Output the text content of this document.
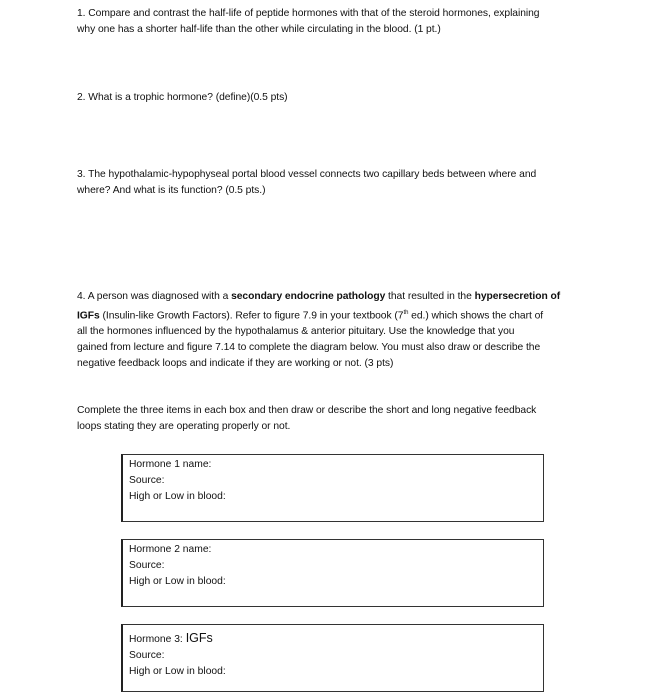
1. Compare and contrast the half-life of peptide hormones with that of the steroid hormones, explaining
why one has a shorter half-life than the other while circulating in the blood. (1 pt.)
2. What is a trophic hormone? (define)(0.5 pts)
3. The hypothalamic-hypophyseal portal blood vessel connects two capillary beds between where and
where? And what is its function? (0.5 pts.)
4. A person was diagnosed with a secondary endocrine pathology that resulted in the hypersecretion of
IGFs (Insulin-like Growth Factors). Refer to figure 7.9 in your textbook (7th ed.) which shows the chart of
all the hormones influenced by the hypothalamus & anterior pituitary. Use the knowledge that you
gained from lecture and figure 7.14 to complete the diagram below. You must also draw or describe the
negative feedback loops and indicate if they are working or not. (3 pts)
Complete the three items in each box and then draw or describe the short and long negative feedback
loops stating they are operating properly or not.
Hormone 1 name:
Source:
High or Low in blood:
Hormone 2 name:
Source:
High or Low in blood:
Hormone 3: IGFs
Source:
High or Low in blood:
